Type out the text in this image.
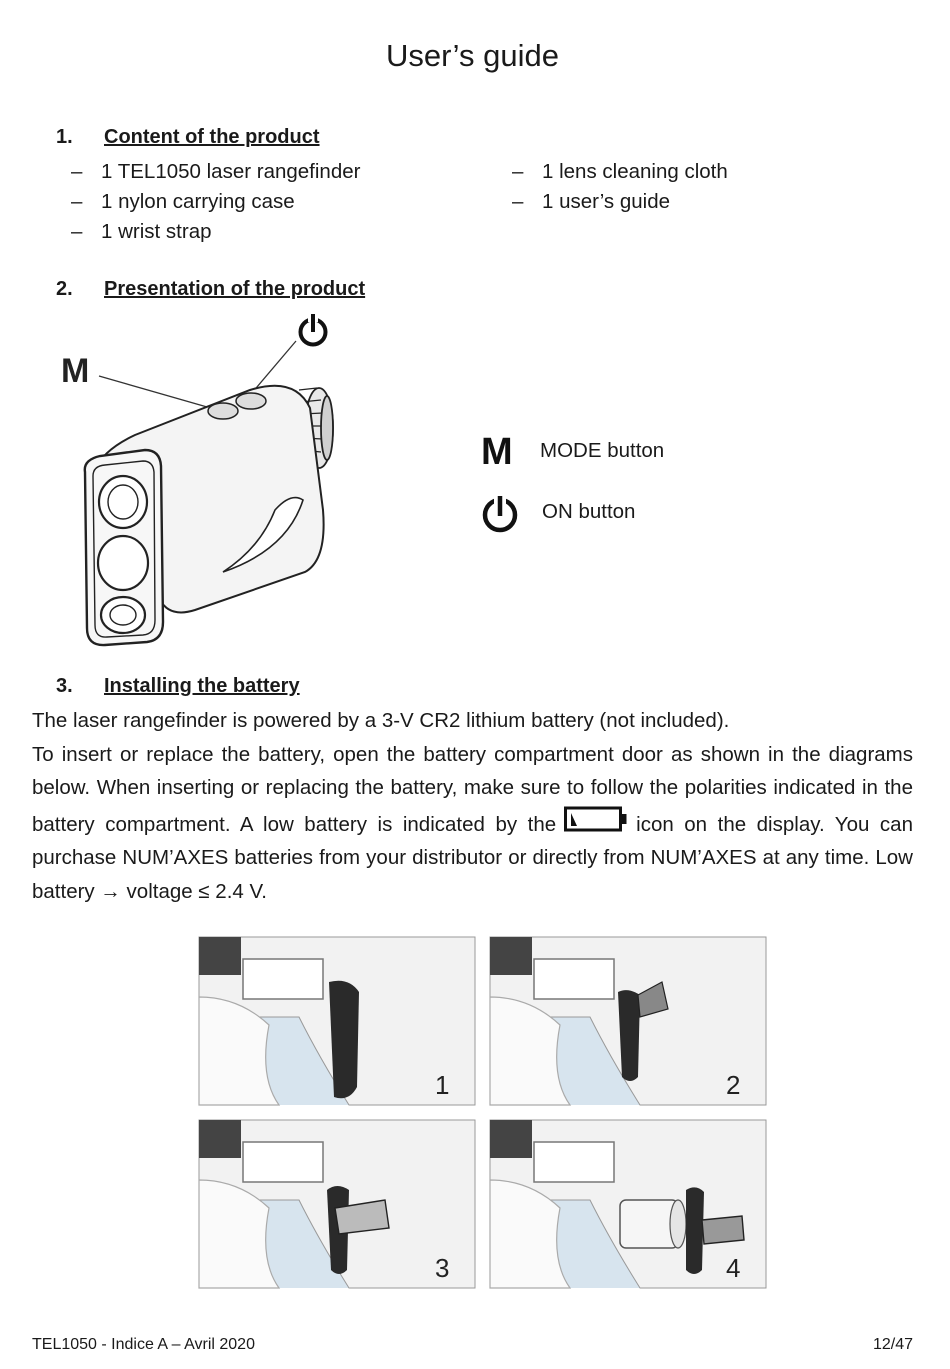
User’s guide
1. Content of the product
– 1 TEL1050 laser rangefinder
– 1 nylon carrying case
– 1 wrist strap
– 1 lens cleaning cloth
– 1 user’s guide
2. Presentation of the product
M
M MODE button
ON button
3. Installing the battery

The laser rangefinder is powered by a 3-V CR2 lithium battery (not included).

To insert or replace the battery, open the battery compartment door as shown in the diagrams below. When inserting or replacing the battery, make sure to follow the polarities indicated in the battery compartment. A low battery is indicated by the	icon on the display. You can purchase NUM’AXES batteries from your distributor or directly from NUM’AXES at any time. Low battery → voltage ≤ 2.4 V.

1	2
3	4
TEL1050 - Indice A – Avril 2020	12/47
